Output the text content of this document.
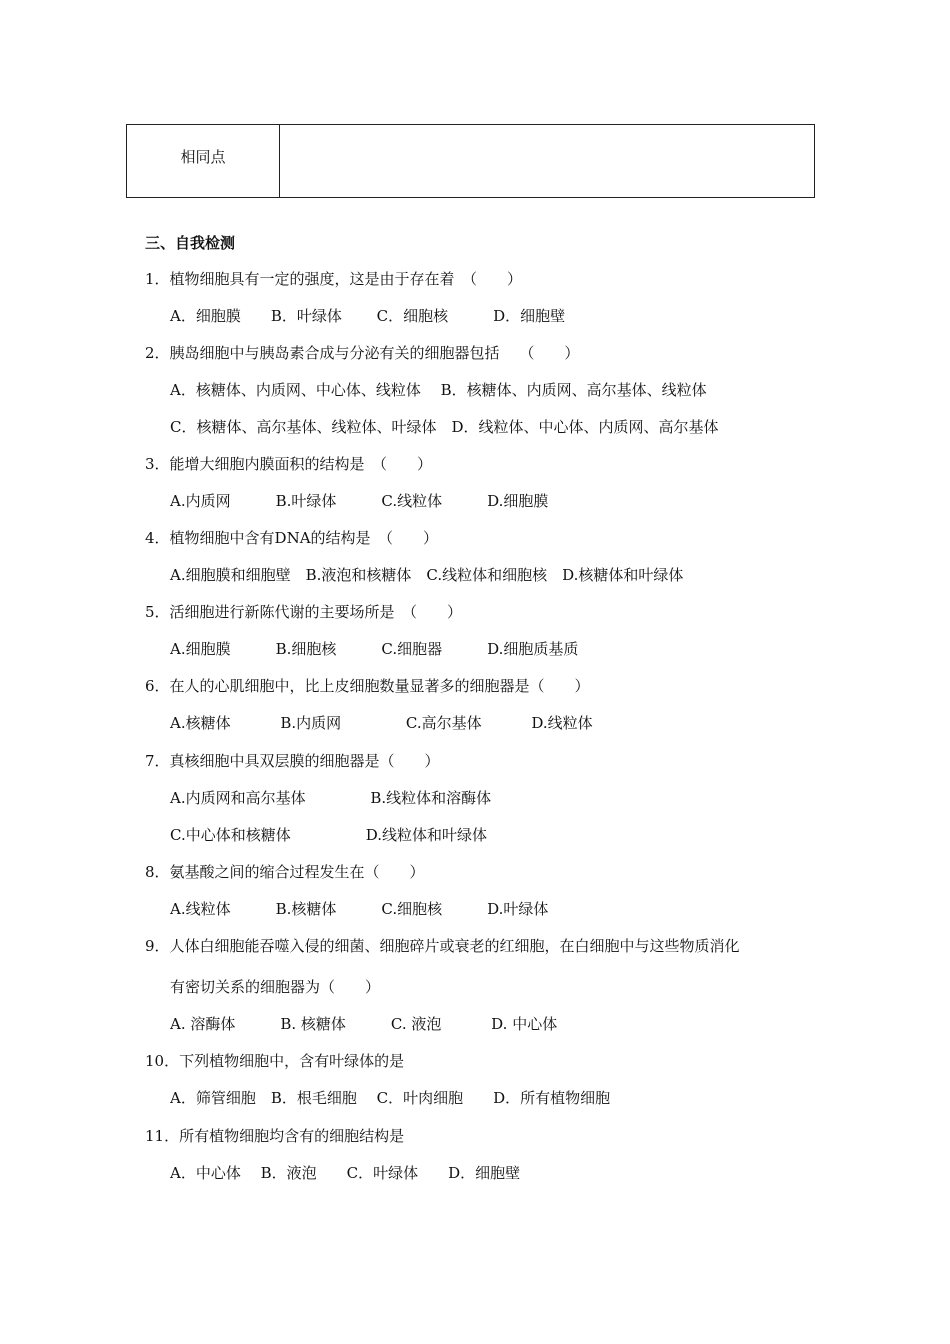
相同点
三、自我检测
1．植物细胞具有一定的强度，这是由于存在着　（　　）
A．细胞膜　　B．叶绿体　　 C．细胞核　　　D．细胞壁
2．胰岛细胞中与胰岛素合成与分泌有关的细胞器包括　 （　　）
A．核糖体、内质网、中心体、线粒体　 B．核糖体、内质网、高尔基体、线粒体
C．核糖体、高尔基体、线粒体、叶绿体　D．线粒体、中心体、内质网、高尔基体
3．能增大细胞内膜面积的结构是　（　　）
A.内质网　　　B.叶绿体　　　C.线粒体　　　D.细胞膜
4．植物细胞中含有DNA的结构是　（　　）
A.细胞膜和细胞壁　B.液泡和核糖体　C.线粒体和细胞核　D.核糖体和叶绿体
5．活细胞进行新陈代谢的主要场所是　（　　）
A.细胞膜　　　B.细胞核　　　C.细胞器　　　D.细胞质基质
6．在人的心肌细胞中，比上皮细胞数量显著多的细胞器是（　　）
A.核糖体　　　 B.内质网　　　　 C.高尔基体　　　 D.线粒体
7．真核细胞中具双层膜的细胞器是（　　）
A.内质网和高尔基体　　　　 B.线粒体和溶酶体
C.中心体和核糖体　　　　　D.线粒体和叶绿体
8．氨基酸之间的缩合过程发生在（　　）
A.线粒体　　　B.核糖体　　　C.细胞核　　　D.叶绿体
9．人体白细胞能吞噬入侵的细菌、细胞碎片或衰老的红细胞，在白细胞中与这些物质消化
有密切关系的细胞器为（　　）
A. 溶酶体　　　B. 核糖体　　　C. 液泡　　　 D. 中心体
10．下列植物细胞中，含有叶绿体的是
A．筛管细胞　B．根毛细胞　 C．叶肉细胞　　D．所有植物细胞
11．所有植物细胞均含有的细胞结构是
A．中心体　 B．液泡　　C．叶绿体　　D．细胞壁
